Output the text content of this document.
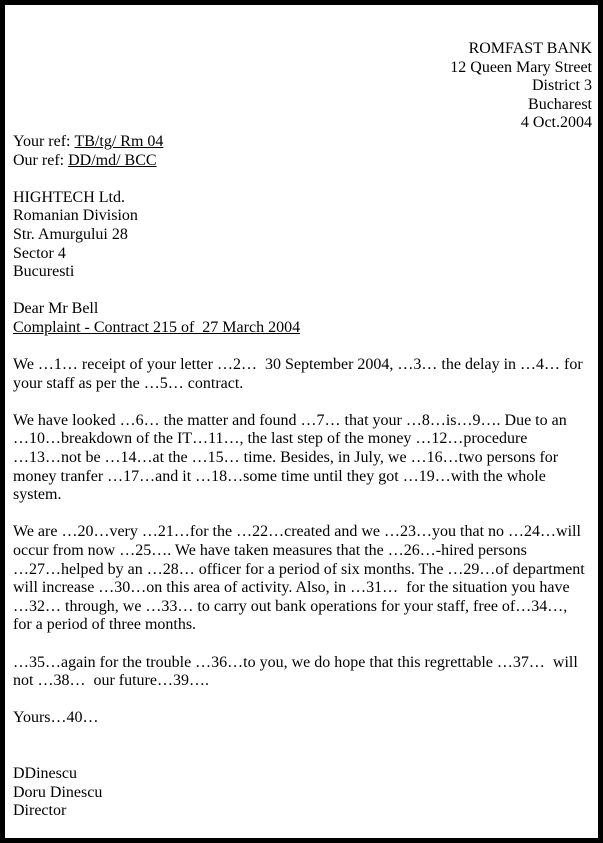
ROMFAST BANK
12 Queen Mary Street
District 3
Bucharest
4 Oct.2004
Your ref: TB/tg/ Rm 04
Our ref: DD/md/ BCC
HIGHTECH Ltd.
Romanian Division
Str. Amurgului 28
Sector 4
Bucuresti
Dear Mr Bell
Complaint - Contract 215 of  27 March 2004
We …1… receipt of your letter …2…  30 September 2004, …3… the delay in …4… for
your staff as per the …5… contract.
We have looked …6… the matter and found …7… that your …8…is…9…. Due to an
…10…breakdown of the IT…11…, the last step of the money …12…procedure
…13…not be …14…at the …15… time. Besides, in July, we …16…two persons for
money tranfer …17…and it …18…some time until they got …19…with the whole
system.
We are …20…very …21…for the …22…created and we …23…you that no …24…will
occur from now …25…. We have taken measures that the …26…-hired persons
…27…helped by an …28… officer for a period of six months. The …29…of department
will increase …30…on this area of activity. Also, in …31…  for the situation you have
…32… through, we …33… to carry out bank operations for your staff, free of…34…,
for a period of three months.
…35…again for the trouble …36…to you, we do hope that this regrettable …37…  will
not …38…  our future…39….
Yours…40…
DDinescu
Doru Dinescu
Director
